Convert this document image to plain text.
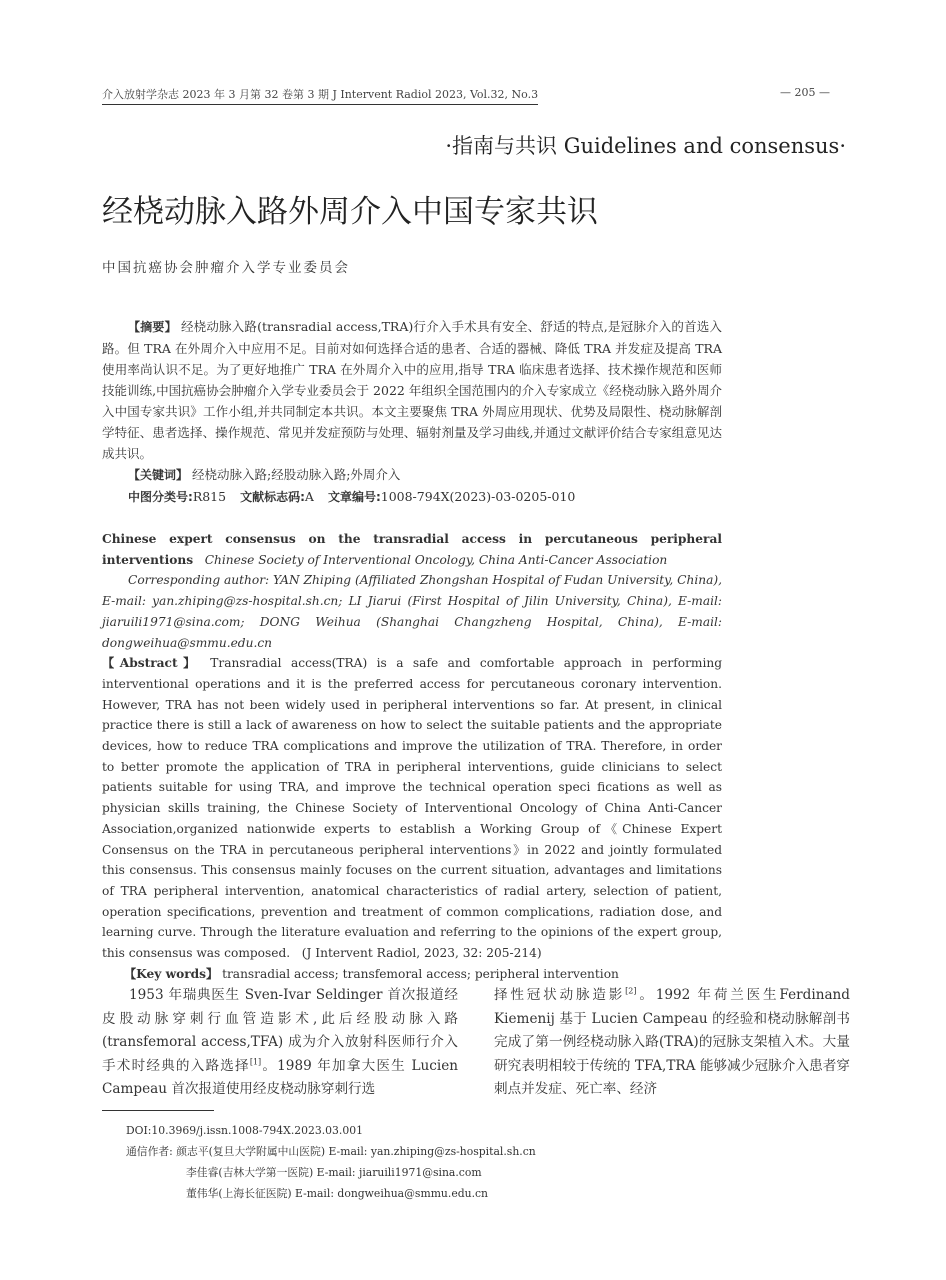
介入放射学杂志 2023 年 3 月第 32 卷第 3 期 J Intervent Radiol 2023, Vol.32, No.3	— 205 —
·指南与共识 Guidelines and consensus·
经桡动脉入路外周介入中国专家共识
中国抗癌协会肿瘤介入学专业委员会

【摘要】 经桡动脉入路(transradial access,TRA)行介入手术具有安全、舒适的特点,是冠脉介入的首选入路。但 TRA 在外周介入中应用不足。目前对如何选择合适的患者、合适的器械、降低 TRA 并发症及提高 TRA 使用率尚认识不足。为了更好地推广 TRA 在外周介入中的应用,指导 TRA 临床患者选择、技术操作规范和医师技能训练,中国抗癌协会肿瘤介入学专业委员会于 2022 年组织全国范围内的介入专家成立《经桡动脉入路外周介入中国专家共识》工作小组,并共同制定本共识。本文主要聚焦 TRA 外周应用现状、优势及局限性、桡动脉解剖学特征、患者选择、操作规范、常见并发症预防与处理、辐射剂量及学习曲线,并通过文献评价结合专家组意见达成共识。

【关键词】 经桡动脉入路;经股动脉入路;外周介入

中图分类号:R815 文献标志码:A 文章编号:1008-794X(2023)-03-0205-010

Chinese expert consensus on the transradial access in percutaneous peripheral interventions Chinese Society of Interventional Oncology, China Anti-Cancer Association

Corresponding author: YAN Zhiping (Affiliated Zhongshan Hospital of Fudan University, China), E-mail: yan.zhiping@zs-hospital.sh.cn; LI Jiarui (First Hospital of Jilin University, China), E-mail: jiaruili1971@sina.com; DONG Weihua (Shanghai Changzheng Hospital, China), E-mail: dongweihua@smmu.edu.cn

【Abstract】 Transradial access(TRA) is a safe and comfortable approach in performing interventional operations and it is the preferred access for percutaneous coronary intervention. However, TRA has not been widely used in peripheral interventions so far. At present, in clinical practice there is still a lack of awareness on how to select the suitable patients and the appropriate devices, how to reduce TRA complications and improve the utilization of TRA. Therefore, in order to better promote the application of TRA in peripheral interventions, guide clinicians to select patients suitable for using TRA, and improve the technical operation speci fications as well as physician skills training, the Chinese Society of Interventional Oncology of China Anti-Cancer Association,organized nationwide experts to establish a Working Group of《Chinese Expert Consensus on the TRA in percutaneous peripheral interventions》in 2022 and jointly formulated this consensus. This consensus mainly focuses on the current situation, advantages and limitations of TRA peripheral intervention, anatomical characteristics of radial artery, selection of patient, operation specifications, prevention and treatment of common complications, radiation dose, and learning curve. Through the literature evaluation and referring to the opinions of the expert group, this consensus was composed. (J Intervent Radiol, 2023, 32: 205-214)

【Key words】 transradial access; transfemoral access; peripheral intervention

1953 年瑞典医生 Sven-Ivar Seldinger 首次报道经皮股动脉穿刺行血管造影术,此后经股动脉入路(transfemoral access,TFA) 成为介入放射科医师行介入手术时经典的入路选择[1]。1989 年加拿大医生 Lucien Campeau 首次报道使用经皮桡动脉穿刺行选
择性冠状动脉造影[2]。1992 年荷兰医生Ferdinand Kiemenij 基于 Lucien Campeau 的经验和桡动脉解剖书完成了第一例经桡动脉入路(TRA)的冠脉支架植入术。大量研究表明相较于传统的 TFA,TRA 能够减少冠脉介入患者穿刺点并发症、死亡率、经济

DOI:10.3969/j.issn.1008-794X.2023.03.001

通信作者: 颜志平(复旦大学附属中山医院) E-mail: yan.zhiping@zs-hospital.sh.cn

李佳睿(吉林大学第一医院) E-mail: jiaruili1971@sina.com

董伟华(上海长征医院) E-mail: dongweihua@smmu.edu.cn
